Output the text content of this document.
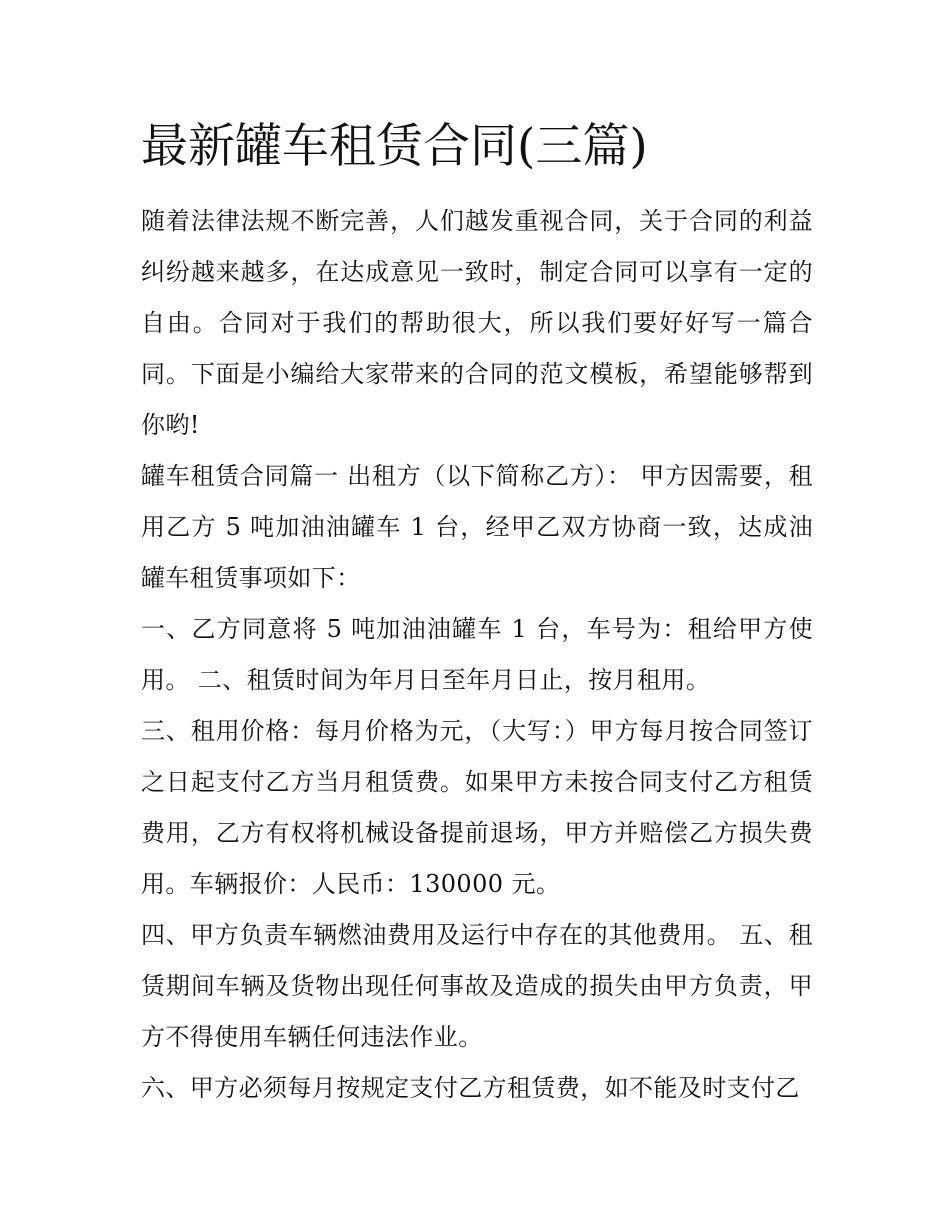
最新罐车租赁合同(三篇)

随着法律法规不断完善，人们越发重视合同，关于合同的利益纠纷越来越多，在达成意见一致时，制定合同可以享有一定的自由。合同对于我们的帮助很大，所以我们要好好写一篇合同。下面是小编给大家带来的合同的范文模板，希望能够帮到你哟!

罐车租赁合同篇一 出租方（以下简称乙方）： 甲方因需要，租用乙方 5 吨加油油罐车 1 台，经甲乙双方协商一致，达成油罐车租赁事项如下：

一、乙方同意将 5 吨加油油罐车 1 台，车号为：租给甲方使用。 二、租赁时间为年月日至年月日止，按月租用。

三、租用价格：每月价格为元，（大写：）甲方每月按合同签订之日起支付乙方当月租赁费。如果甲方未按合同支付乙方租赁费用，乙方有权将机械设备提前退场，甲方并赔偿乙方损失费用。车辆报价：人民币：130000 元。

四、甲方负责车辆燃油费用及运行中存在的其他费用。 五、租赁期间车辆及货物出现任何事故及造成的损失由甲方负责，甲方不得使用车辆任何违法作业。

六、甲方必须每月按规定支付乙方租赁费，如不能及时支付乙
